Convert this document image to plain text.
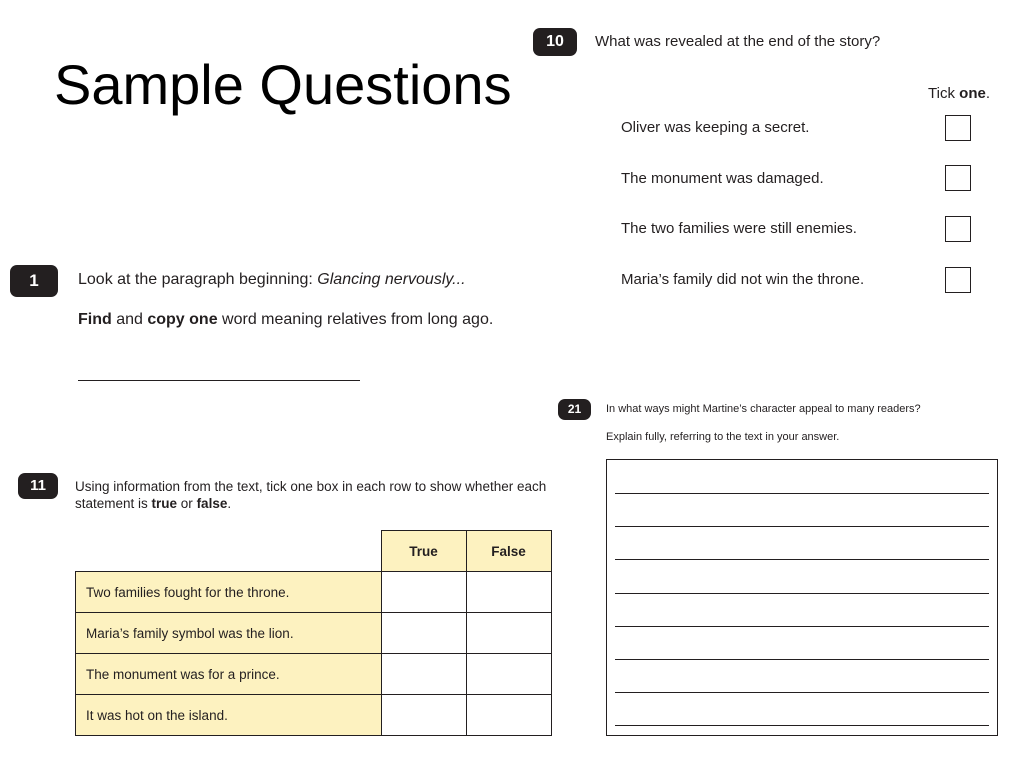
Sample Questions
10	What was revealed at the end of the story?
Tick one.
Oliver was keeping a secret.
The monument was damaged.
The two families were still enemies.
Maria’s family did not win the throne.
1	Look at the paragraph beginning: Glancing nervously...
Find and copy one word meaning relatives from long ago.
11	Using information from the text, tick one box in each row to show whether each statement is true or false.
	True	False
Two families fought for the throne.		
Maria’s family symbol was the lion.		
The monument was for a prince.		
It was hot on the island.		
21	In what ways might Martine’s character appeal to many readers?
Explain fully, referring to the text in your answer.
